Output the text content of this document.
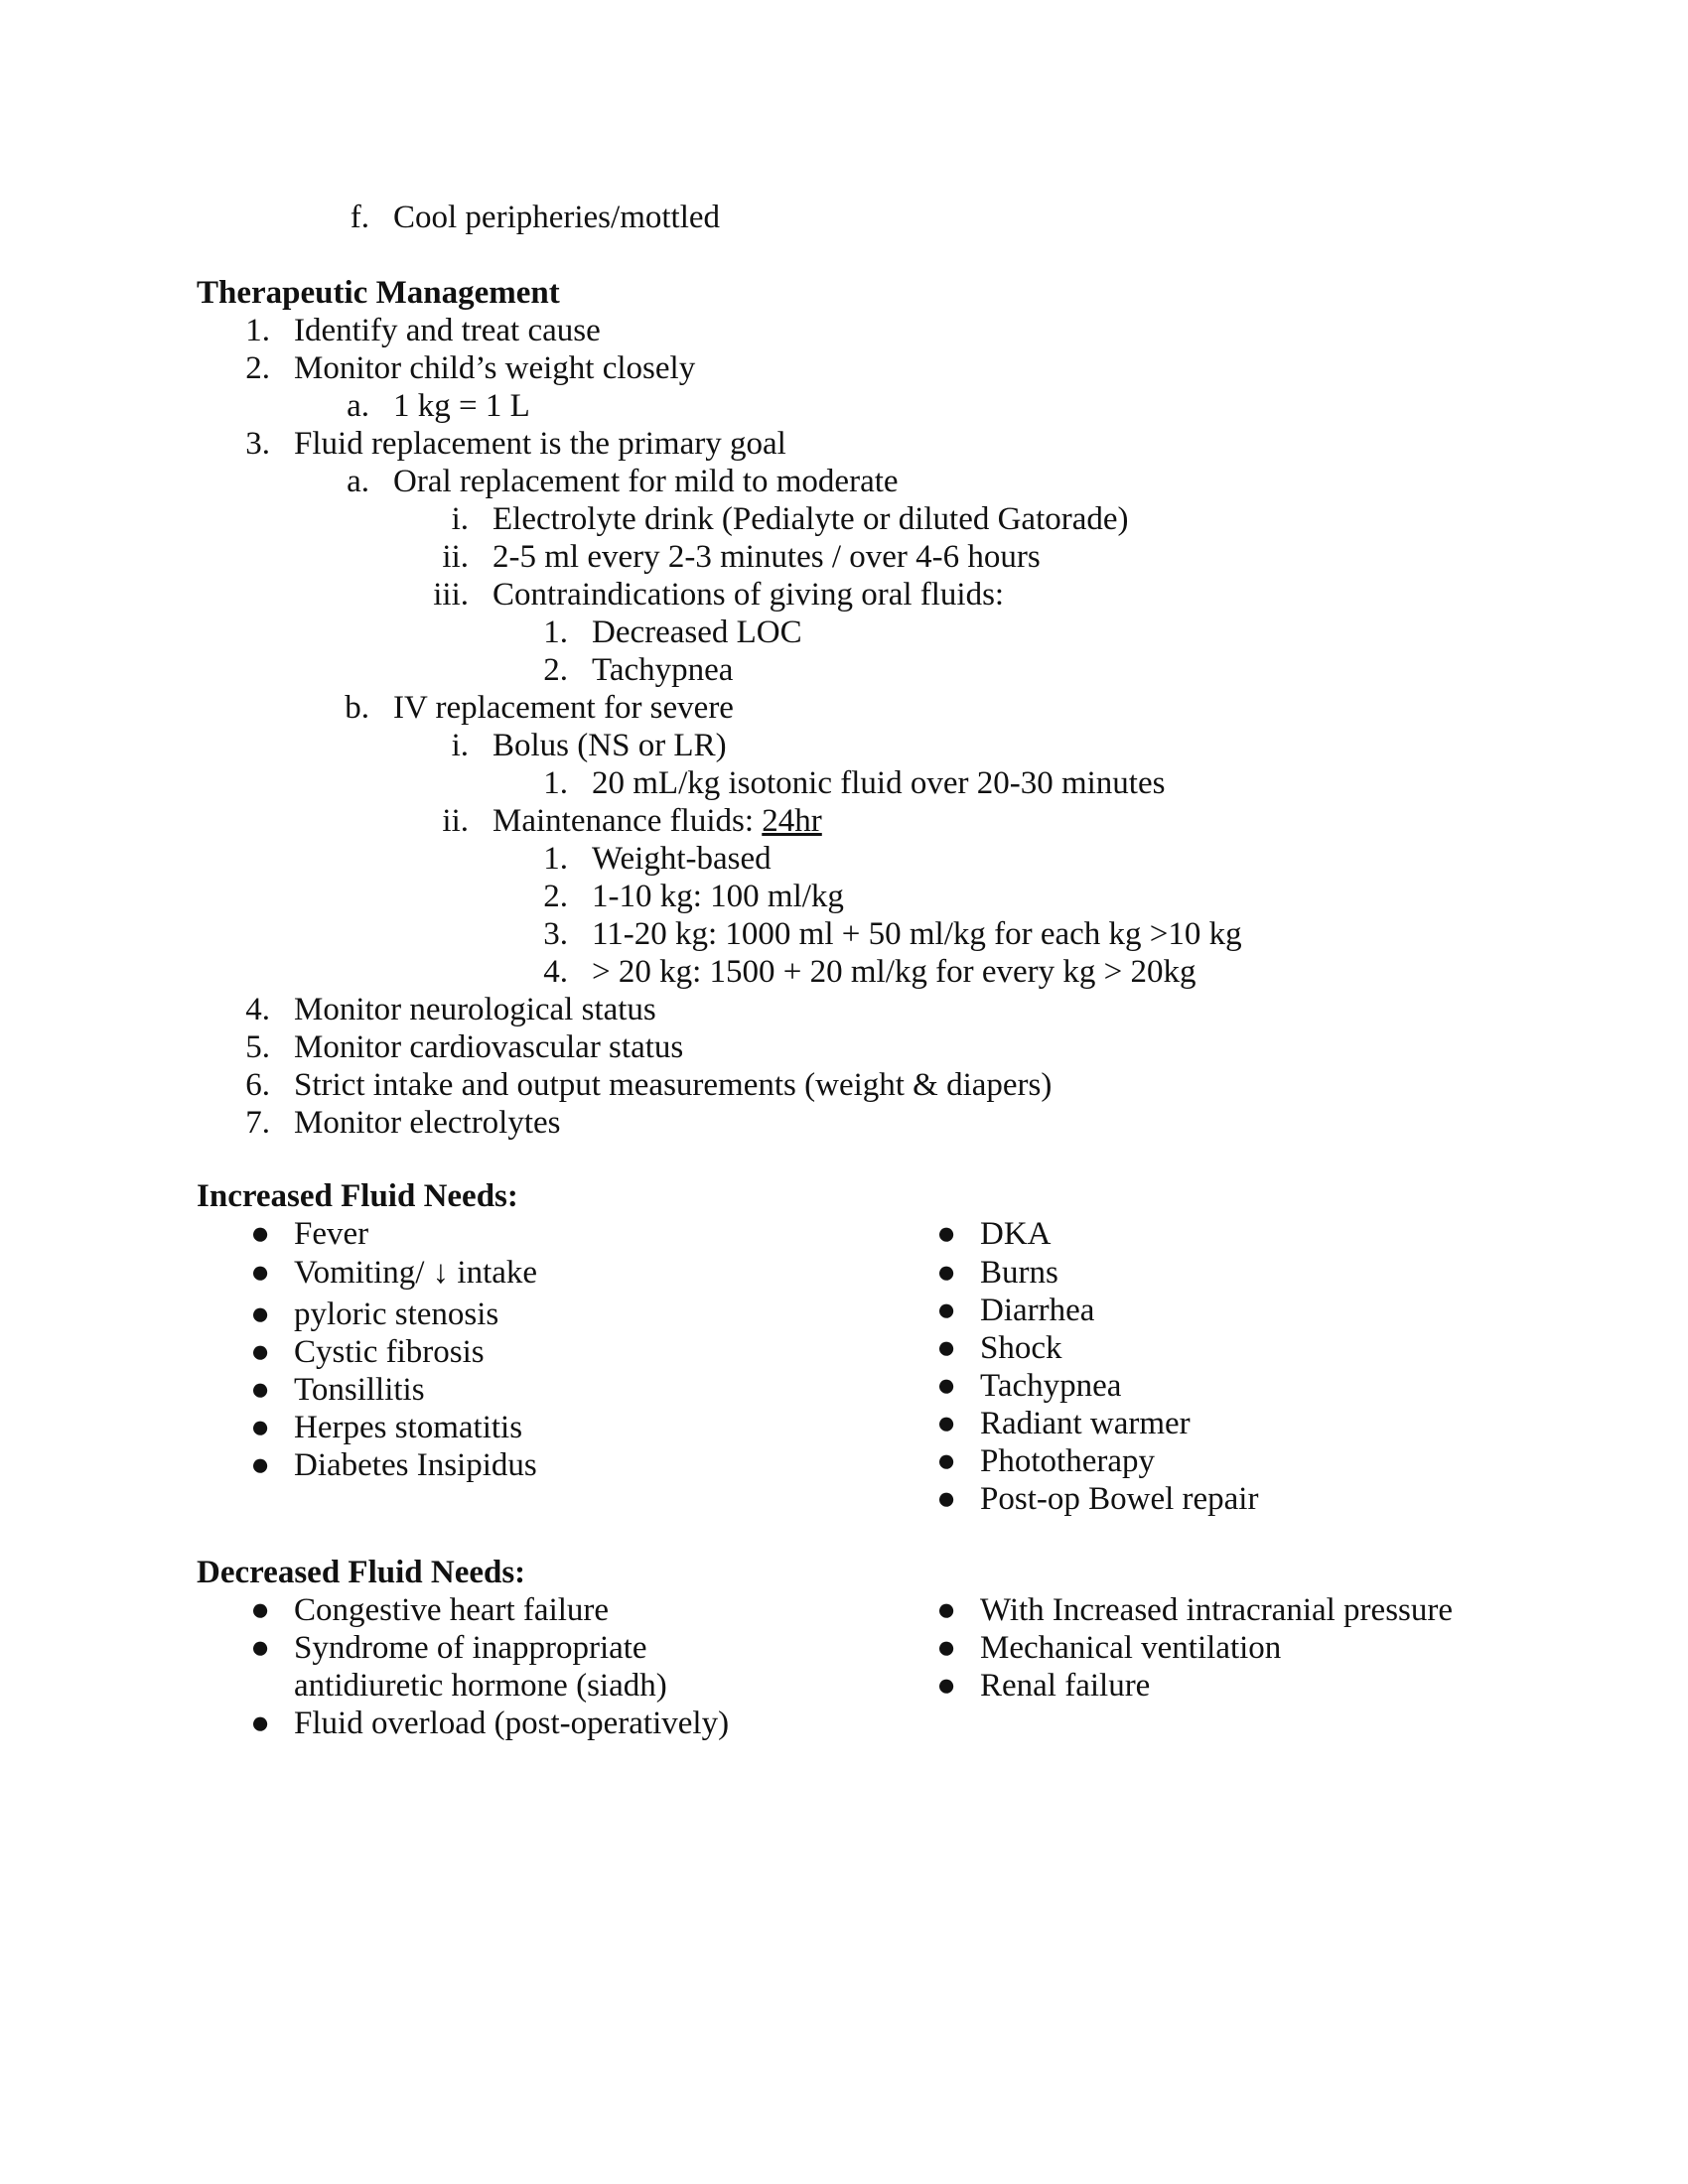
f. Cool peripheries/mottled
Therapeutic Management
1. Identify and treat cause
2. Monitor child’s weight closely
a. 1 kg = 1 L
3. Fluid replacement is the primary goal
a. Oral replacement for mild to moderate
i. Electrolyte drink (Pedialyte or diluted Gatorade)
ii. 2-5 ml every 2-3 minutes / over 4-6 hours
iii. Contraindications of giving oral fluids:
1. Decreased LOC
2. Tachypnea
b. IV replacement for severe
i. Bolus (NS or LR)
1. 20 mL/kg isotonic fluid over 20-30 minutes
ii. Maintenance fluids: 24hr
1. Weight-based
2. 1-10 kg: 100 ml/kg
3. 11-20 kg: 1000 ml + 50 ml/kg for each kg >10 kg
4. > 20 kg: 1500 + 20 ml/kg for every kg > 20kg
4. Monitor neurological status
5. Monitor cardiovascular status
6. Strict intake and output measurements (weight & diapers)
7. Monitor electrolytes
Increased Fluid Needs:
● Fever
● Vomiting/ ↓ intake
● pyloric stenosis
● Cystic fibrosis
● Tonsillitis
● Herpes stomatitis
● Diabetes Insipidus
● DKA
● Burns
● Diarrhea
● Shock
● Tachypnea
● Radiant warmer
● Phototherapy
● Post-op Bowel repair
Decreased Fluid Needs:
● Congestive heart failure
● Syndrome of inappropriate
antidiuretic hormone (siadh)
● Fluid overload (post-operatively)
● With Increased intracranial pressure
● Mechanical ventilation
● Renal failure
